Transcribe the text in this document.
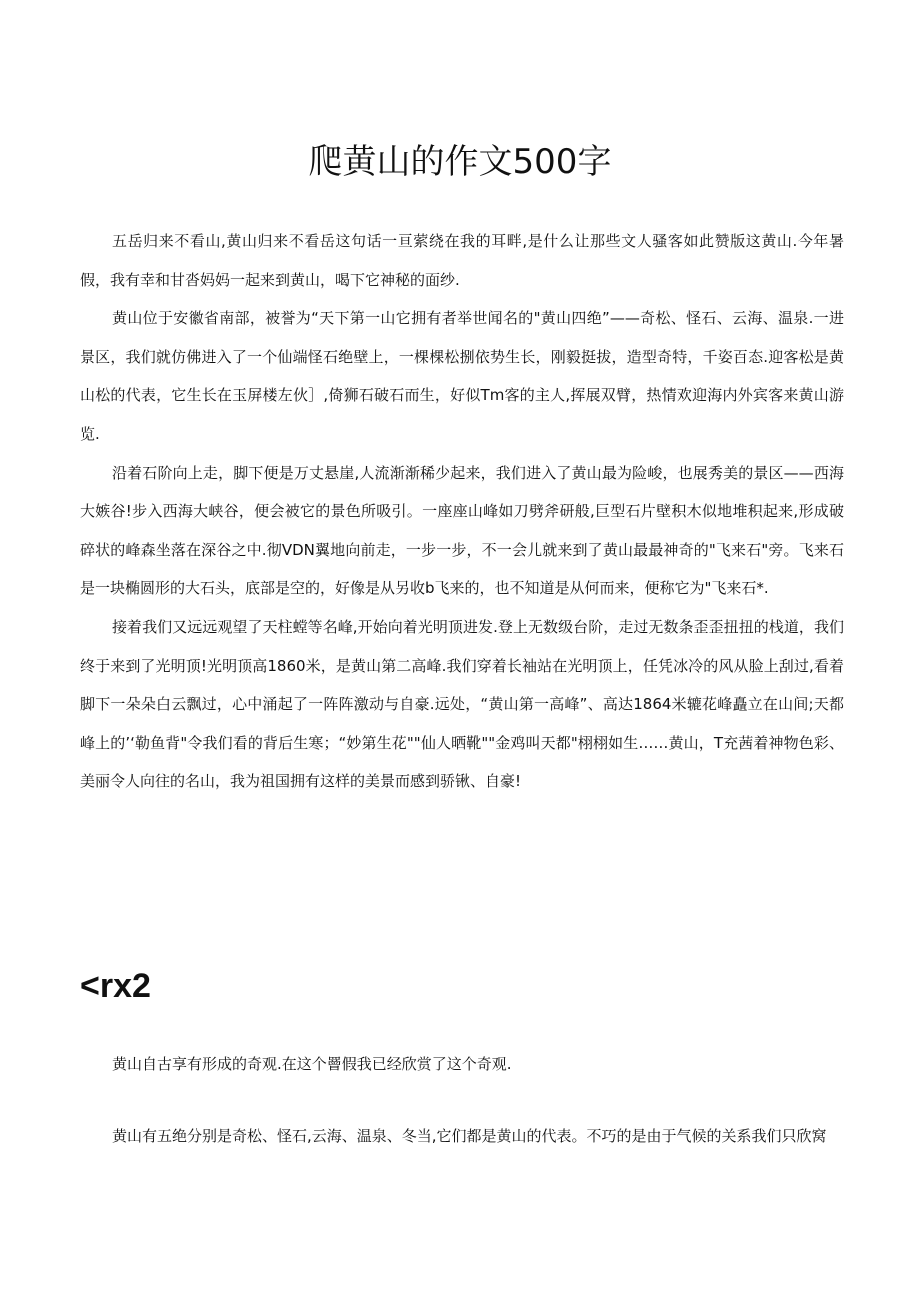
爬黄山的作文500字

五岳归来不看山,黄山归来不看岳这句话一亘萦绕在我的耳畔,是什么让那些文人骚客如此赞版这黄山.今年暑假，我有幸和甘沓妈妈一起来到黄山，喝下它神秘的面纱.

黄山位于安徽省南部，被誉为“天下第一山它拥有者举世闻名的"黄山四绝”——奇松、怪石、云海、温泉.一进景区，我们就仿佛进入了一个仙端怪石绝壁上，一棵棵松捌依势生长，刚毅挺拔，造型奇特，千姿百态.迎客松是黄山松的代表，它生长在玉屏楼左伙］,倚狮石破石而生，好似Tm客的主人,挥展双臂，热情欢迎海内外宾客来黄山游览.

沿着石阶向上走，脚下便是万丈悬崖,人流渐渐稀少起来，我们进入了黄山最为险峻，也展秀美的景区——西海大嫉谷!步入西海大峡谷，便会被它的景色所吸引。一座座山峰如刀劈斧研般,巨型石片壁积木似地堆积起来,形成破碎状的峰森坐落在深谷之中.彻VDN翼地向前走，一步一步，不一会儿就来到了黄山最最神奇的"飞来石"旁。飞来石是一块椭圆形的大石头，底部是空的，好像是从另收b飞来的，也不知道是从何而来，便称它为"飞来石*.

接着我们又远远观望了天柱螳等名峰,开始向着光明顶进发.登上无数级台阶，走过无数条歪歪扭扭的栈道，我们终于来到了光明顶!光明顶高1860米，是黄山第二高峰.我们穿着长袖站在光明顶上，任凭冰冷的风从脸上刮过,看着脚下一朵朵白云飘过，心中涌起了一阵阵激动与自豪.远处，“黄山第一高峰”、高达1864米辘花峰矗立在山间;天都峰上的’‘勒鱼背"令我们看的背后生寒；“妙第生花""仙人晒靴""金鸡叫天都"栩栩如生……黄山，T充茜着神物色彩、美丽令人向往的名山，我为祖国拥有这样的美景而感到骄锹、自豪!

<rx2

黄山自古享有形成的奇观.在这个罾假我已经欣赏了这个奇观.

黄山有五绝分别是奇松、怪石,云海、温泉、冬当,它们都是黄山的代表。不巧的是由于气候的关系我们只欣窝
